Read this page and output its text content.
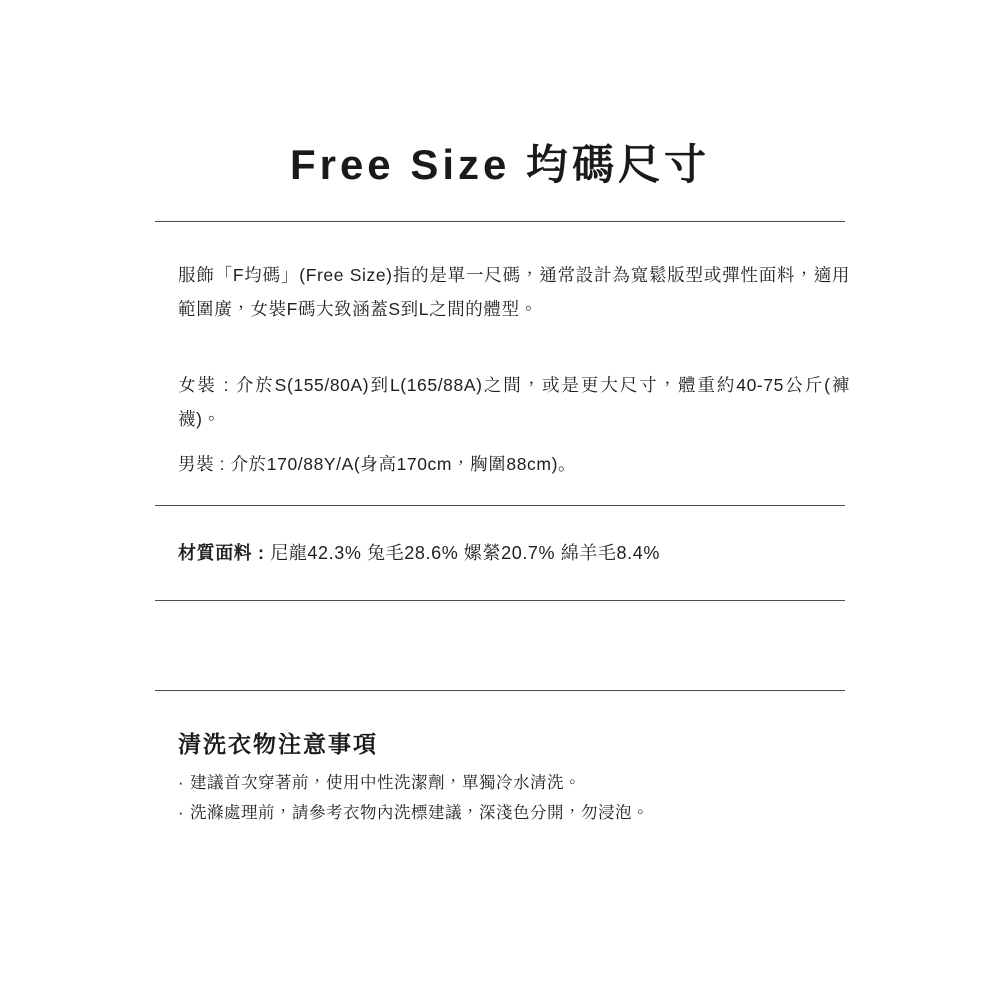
Free Size 均碼尺寸
服飾「F均碼」(Free Size)指的是單一尺碼，通常設計為寬鬆版型或彈性面料，適用範圍廣，女裝F碼大致涵蓋S到L之間的體型。
女裝 : 介於S(155/80A)到L(165/88A)之間，或是更大尺寸，體重約40-75公斤(褲襪)。
男裝 : 介於170/88Y/A(身高170cm，胸圍88cm)。
材質面料 : 尼龍42.3% 兔毛28.6% 嫘縈20.7% 綿羊毛8.4%
清洗衣物注意事項
· 建議首次穿著前，使用中性洗潔劑，單獨冷水清洗。
· 洗滌處理前，請參考衣物內洗標建議，深淺色分開，勿浸泡。
